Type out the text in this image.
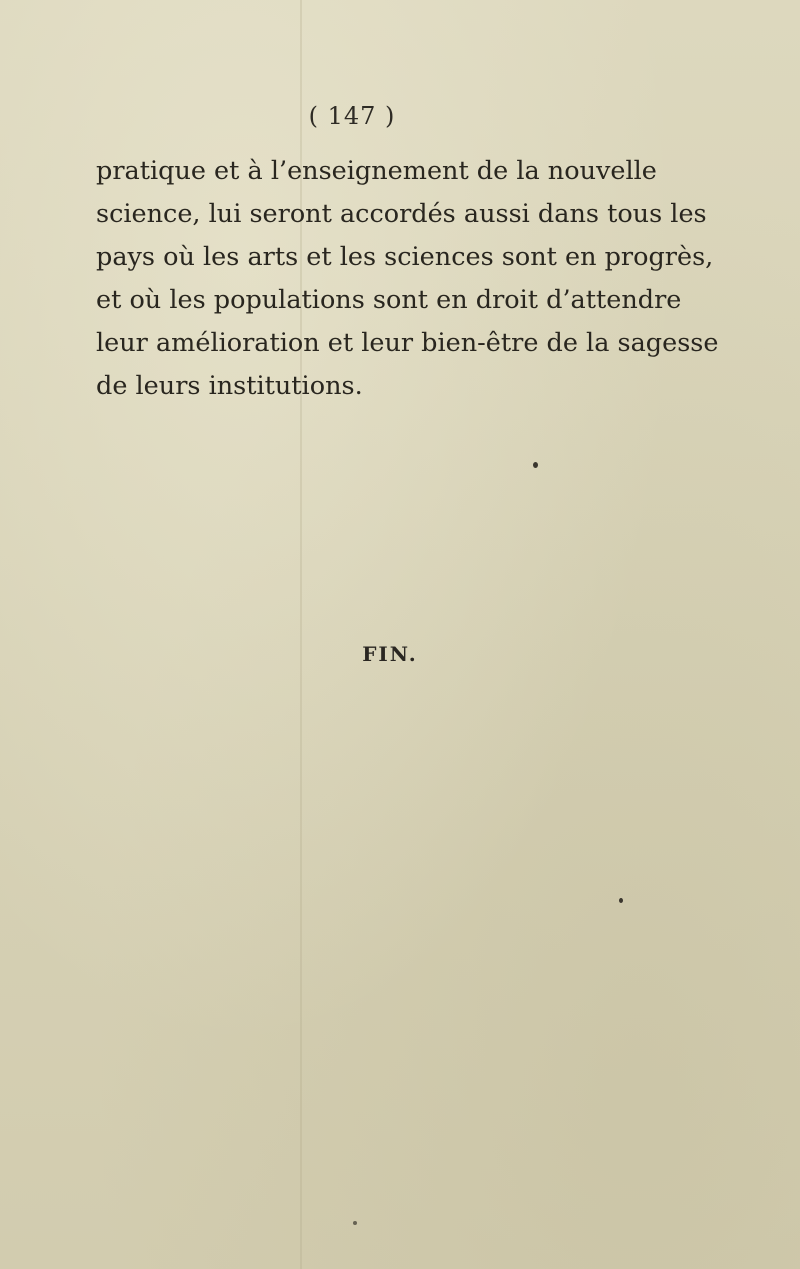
( 147 )
pratique et à l’enseignement de la nouvelle
science, lui seront accordés aussi dans tous les
pays où les arts et les sciences sont en progrès,
et où les populations sont en droit d’attendre
leur amélioration et leur bien-être de la sagesse
de leurs institutions.
FIN.
